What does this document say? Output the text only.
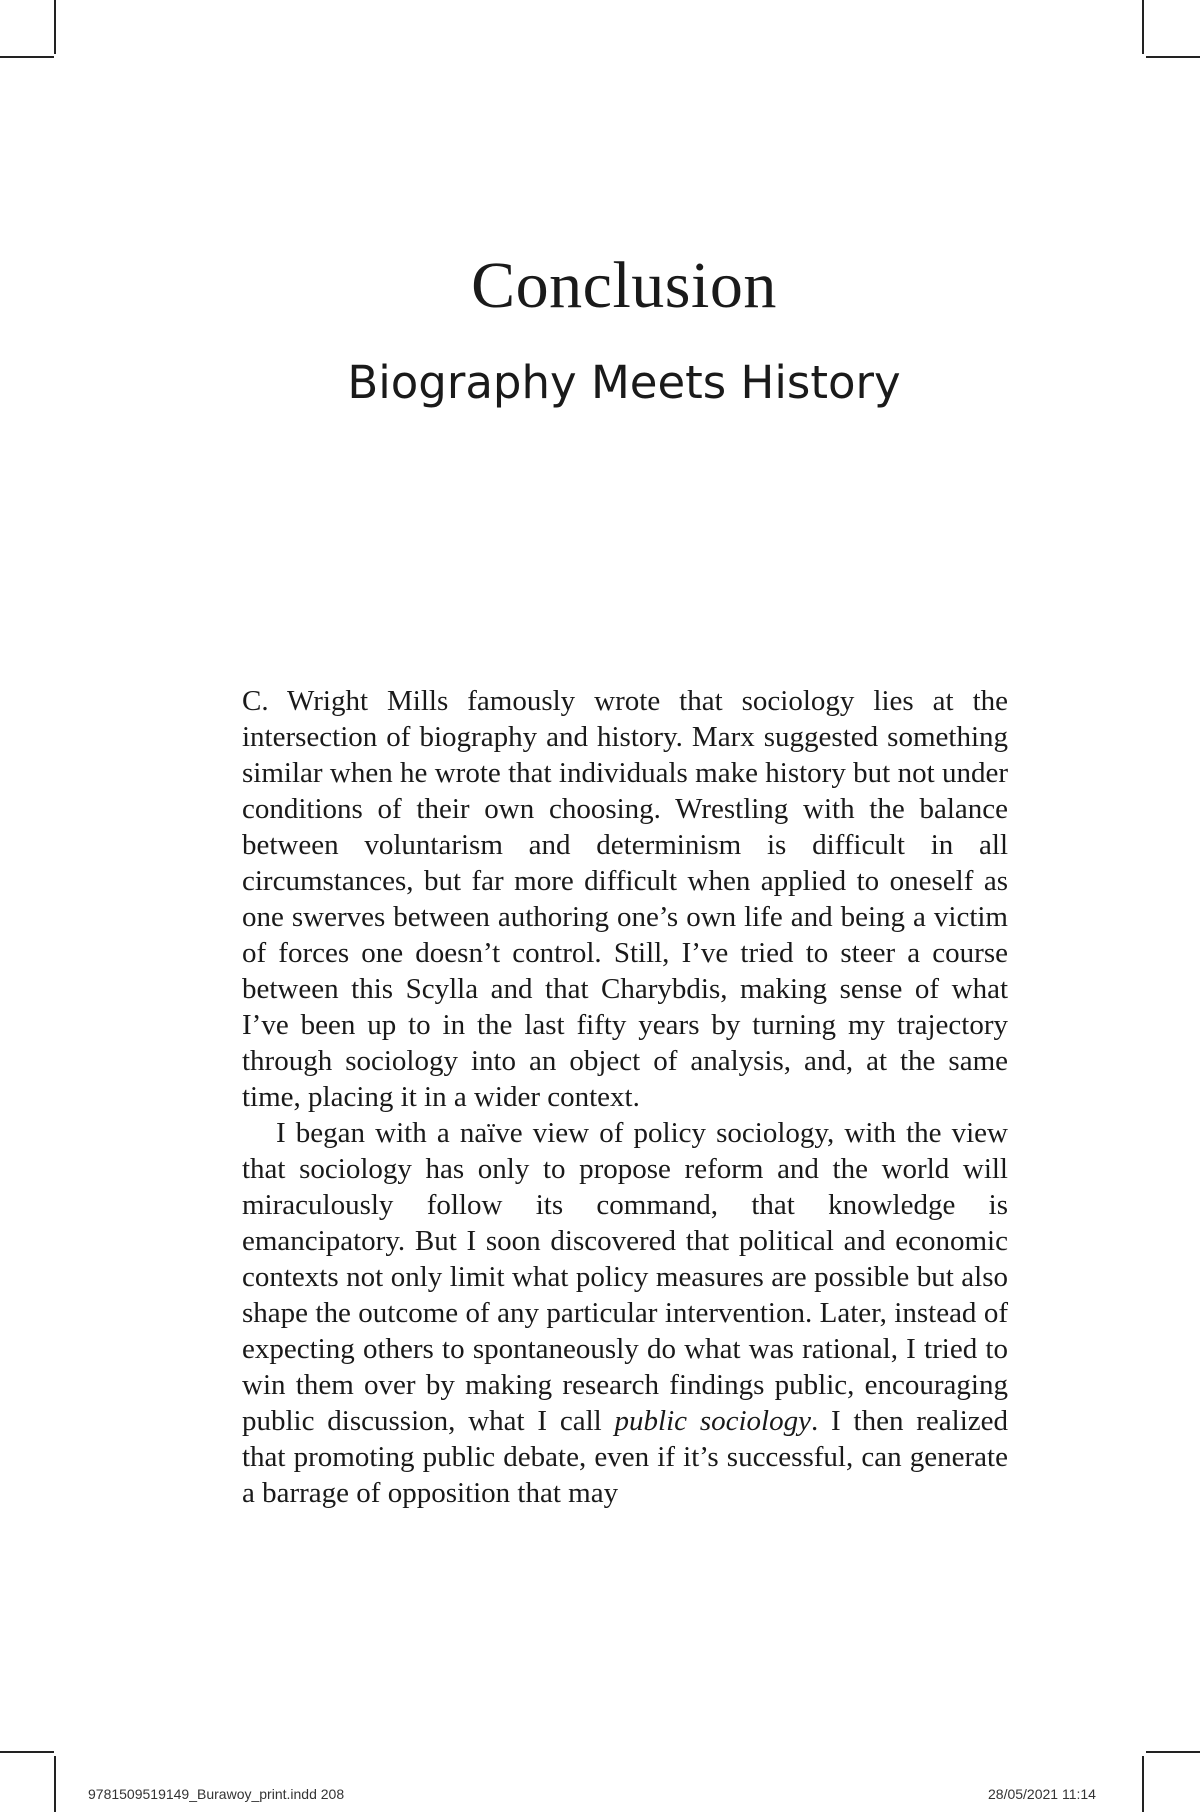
Conclusion
Biography Meets History

C. Wright Mills famously wrote that sociology lies at the intersection of biography and history. Marx suggested something similar when he wrote that individuals make history but not under conditions of their own choosing. Wrestling with the balance between voluntarism and determinism is difficult in all circumstances, but far more difficult when applied to oneself as one swerves between authoring one’s own life and being a victim of forces one doesn’t control. Still, I’ve tried to steer a course between this Scylla and that Charybdis, making sense of what I’ve been up to in the last fifty years by turning my trajectory through sociology into an object of analysis, and, at the same time, placing it in a wider context.

I began with a naïve view of policy sociology, with the view that sociology has only to propose reform and the world will miraculously follow its command, that knowledge is emancipatory. But I soon discovered that political and economic contexts not only limit what policy measures are possible but also shape the outcome of any particular intervention. Later, instead of expecting others to spontaneously do what was rational, I tried to win them over by making research findings public, encouraging public discussion, what I call public sociology. I then realized that promoting public debate, even if it’s successful, can generate a barrage of opposition that may

9781509519149_Burawoy_print.indd 208	28/05/2021 11:14
